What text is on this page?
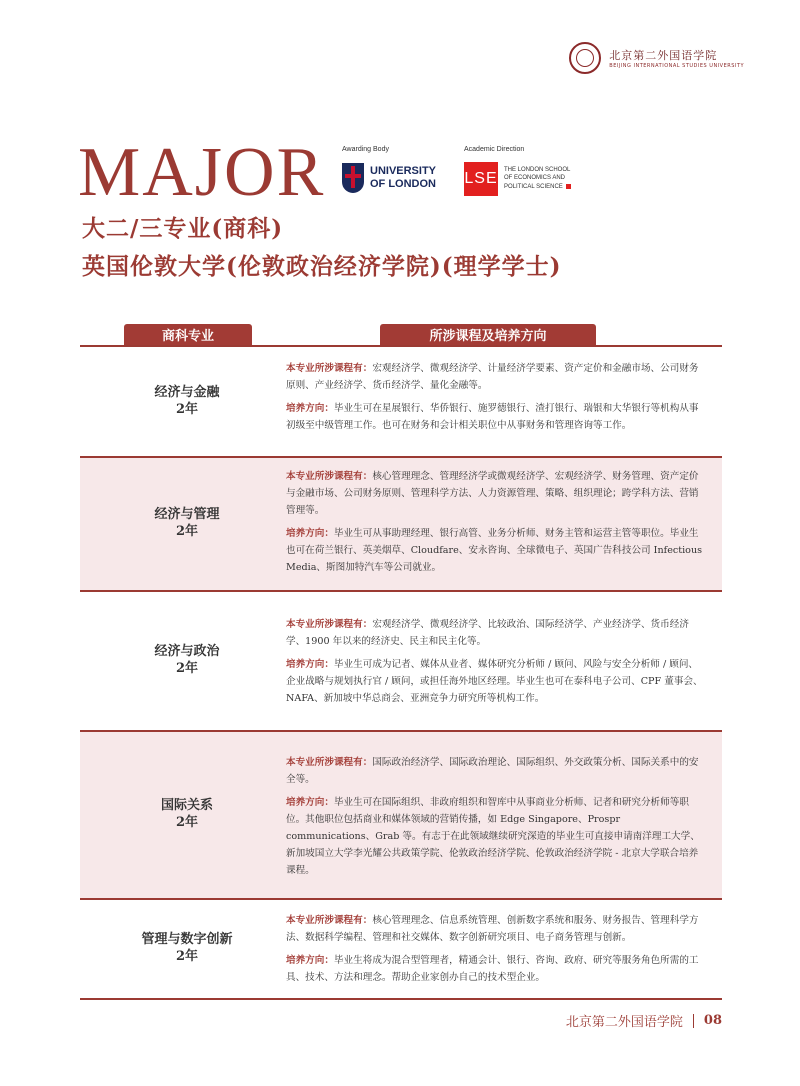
北京第二外国语学院
BEIJING INTERNATIONAL STUDIES UNIVERSITY
MAJOR Awarding Body	Academic Direction
UNIVERSITY
OF LONDON LSE THE LONDON SCHOOL
OF ECONOMICS AND
POLITICAL SCIENCE
大二/三专业(商科)
英国伦敦大学(伦敦政治经济学院)(理学学士)
商科专业	所涉课程及培养方向
经济与金融
2年

本专业所涉课程有：宏观经济学、微观经济学、计量经济学要素、资产定价和金融市场、公司财务原则、产业经济学、货币经济学、量化金融等。

培养方向：毕业生可在星展银行、华侨银行、施罗德银行、渣打银行、瑞银和大华银行等机构从事初级至中级管理工作。也可在财务和会计相关职位中从事财务和管理咨询等工作。

经济与管理
2年

本专业所涉课程有：核心管理理念、管理经济学或微观经济学、宏观经济学、财务管理、资产定价与金融市场、公司财务原则、管理科学方法、人力资源管理、策略、组织理论；跨学科方法、营销管理等。

培养方向：毕业生可从事助理经理、银行高管、业务分析师、财务主管和运营主管等职位。毕业生也可在荷兰银行、英美烟草、Cloudfare、安永咨询、全球微电子、英国广告科技公司 Infectious Media、斯图加特汽车等公司就业。

经济与政治
2年

本专业所涉课程有：宏观经济学、微观经济学、比较政治、国际经济学、产业经济学、货币经济学、1900 年以来的经济史、民主和民主化等。

培养方向：毕业生可成为记者、媒体从业者、媒体研究分析师 / 顾问、风险与安全分析师 / 顾问、企业战略与规划执行官 / 顾问，或担任海外地区经理。毕业生也可在泰科电子公司、CPF 董事会、NAFA、新加坡中华总商会、亚洲竞争力研究所等机构工作。

国际关系
2年

本专业所涉课程有：国际政治经济学、国际政治理论、国际组织、外交政策分析、国际关系中的安全等。

培养方向：毕业生可在国际组织、非政府组织和智库中从事商业分析师、记者和研究分析师等职位。其他职位包括商业和媒体领域的营销传播，如 Edge Singapore、Prospr communications、Grab 等。有志于在此领域继续研究深造的毕业生可直接申请南洋理工大学、新加坡国立大学李光耀公共政策学院、伦敦政治经济学院、伦敦政治经济学院 - 北京大学联合培养课程。

管理与数字创新
2年

本专业所涉课程有：核心管理理念、信息系统管理、创新数字系统和服务、财务报告、管理科学方法、数据科学编程、管理和社交媒体、数字创新研究项目、电子商务管理与创新。

培养方向：毕业生将成为混合型管理者，精通会计、银行、咨询、政府、研究等服务角色所需的工具、技术、方法和理念。帮助企业家创办自己的技术型企业。

北京第二外国语学院 08
